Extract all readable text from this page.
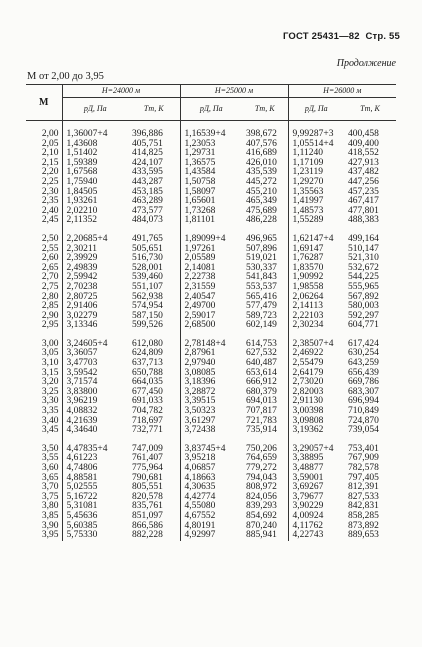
ГОСТ 25431—82 Стр. 55
Продолжение
М от 2,00 до 3,95
М	H=24000 м		H=25000 м		H=26000 м	
	pД, Па	Tт, К	pД, Па	Tт, К	pД, Па	Tт, К

2,00	1,36007+4	396,886	1,16539+4	398,672	9,99287+3	400,458
2,05	1,43608	405,751	1,23053	407,576	1,05514+4	409,400
2,10	1,51402	414,825	1,29731	416,689	1,11240	418,552
2,15	1,59389	424,107	1,36575	426,010	1,17109	427,913
2,20	1,67568	433,595	1,43584	435,539	1,23119	437,482
2,25	1,75940	443,287	1,50758	445,272	1,29270	447,256
2,30	1,84505	453,185	1,58097	455,210	1,35563	457,235
2,35	1,93261	463,289	1,65601	465,349	1,41997	467,417
2,40	2,02210	473,577	1,73268	475,689	1,48573	477,801
2,45	2,11352	484,073	1,81101	486,228	1,55289	488,383

2,50	2,20685+4	491,765	1,89099+4	496,965	1,62147+4	499,164
2,55	2,30211	505,651	1,97261	507,896	1,69147	510,147
2,60	2,39929	516,730	2,05589	519,021	1,76287	521,310
2,65	2,49839	528,001	2,14081	530,337	1,83570	532,672
2,70	2,59942	539,460	2,22738	541,843	1,90992	544,225
2,75	2,70238	551,107	2,31559	553,537	1,98558	555,965
2,80	2,80725	562,938	2,40547	565,416	2,06264	567,892
2,85	2,91406	574,954	2,49700	577,479	2,14113	580,003
2,90	3,02279	587,150	2,59017	589,723	2,22103	592,297
2,95	3,13346	599,526	2,68500	602,149	2,30234	604,771

3,00	3,24605+4	612,080	2,78148+4	614,753	2,38507+4	617,424
3,05	3,36057	624,809	2,87961	627,532	2,46922	630,254
3,10	3,47703	637,713	2,97940	640,487	2,55479	643,259
3,15	3,59542	650,788	3,08085	653,614	2,64179	656,439
3,20	3,71574	664,035	3,18396	666,912	2,73020	669,786
3,25	3,83800	677,450	3,28872	680,379	2,82003	683,307
3,30	3,96219	691,033	3,39515	694,013	2,91130	696,994
3,35	4,08832	704,782	3,50323	707,817	3,00398	710,849
3,40	4,21639	718,697	3,61297	721,783	3,09808	724,870
3,45	4,34640	732,771	3,72438	735,914	3,19362	739,054

3,50	4,47835+4	747,009	3,83745+4	750,206	3,29057+4	753,401
3,55	4,61223	761,407	3,95218	764,659	3,38895	767,909
3,60	4,74806	775,964	4,06857	779,272	3,48877	782,578
3,65	4,88581	790,681	4,18663	794,043	3,59001	797,405
3,70	5,02555	805,551	4,30635	808,972	3,69267	812,391
3,75	5,16722	820,578	4,42774	824,056	3,79677	827,533
3,80	5,31081	835,761	4,55080	839,293	3,90229	842,831
3,85	5,45636	851,097	4,67552	854,692	4,00924	858,285
3,90	5,60385	866,586	4,80191	870,240	4,11762	873,892
3,95	5,75330	882,228	4,92997	885,941	4,22743	889,653
